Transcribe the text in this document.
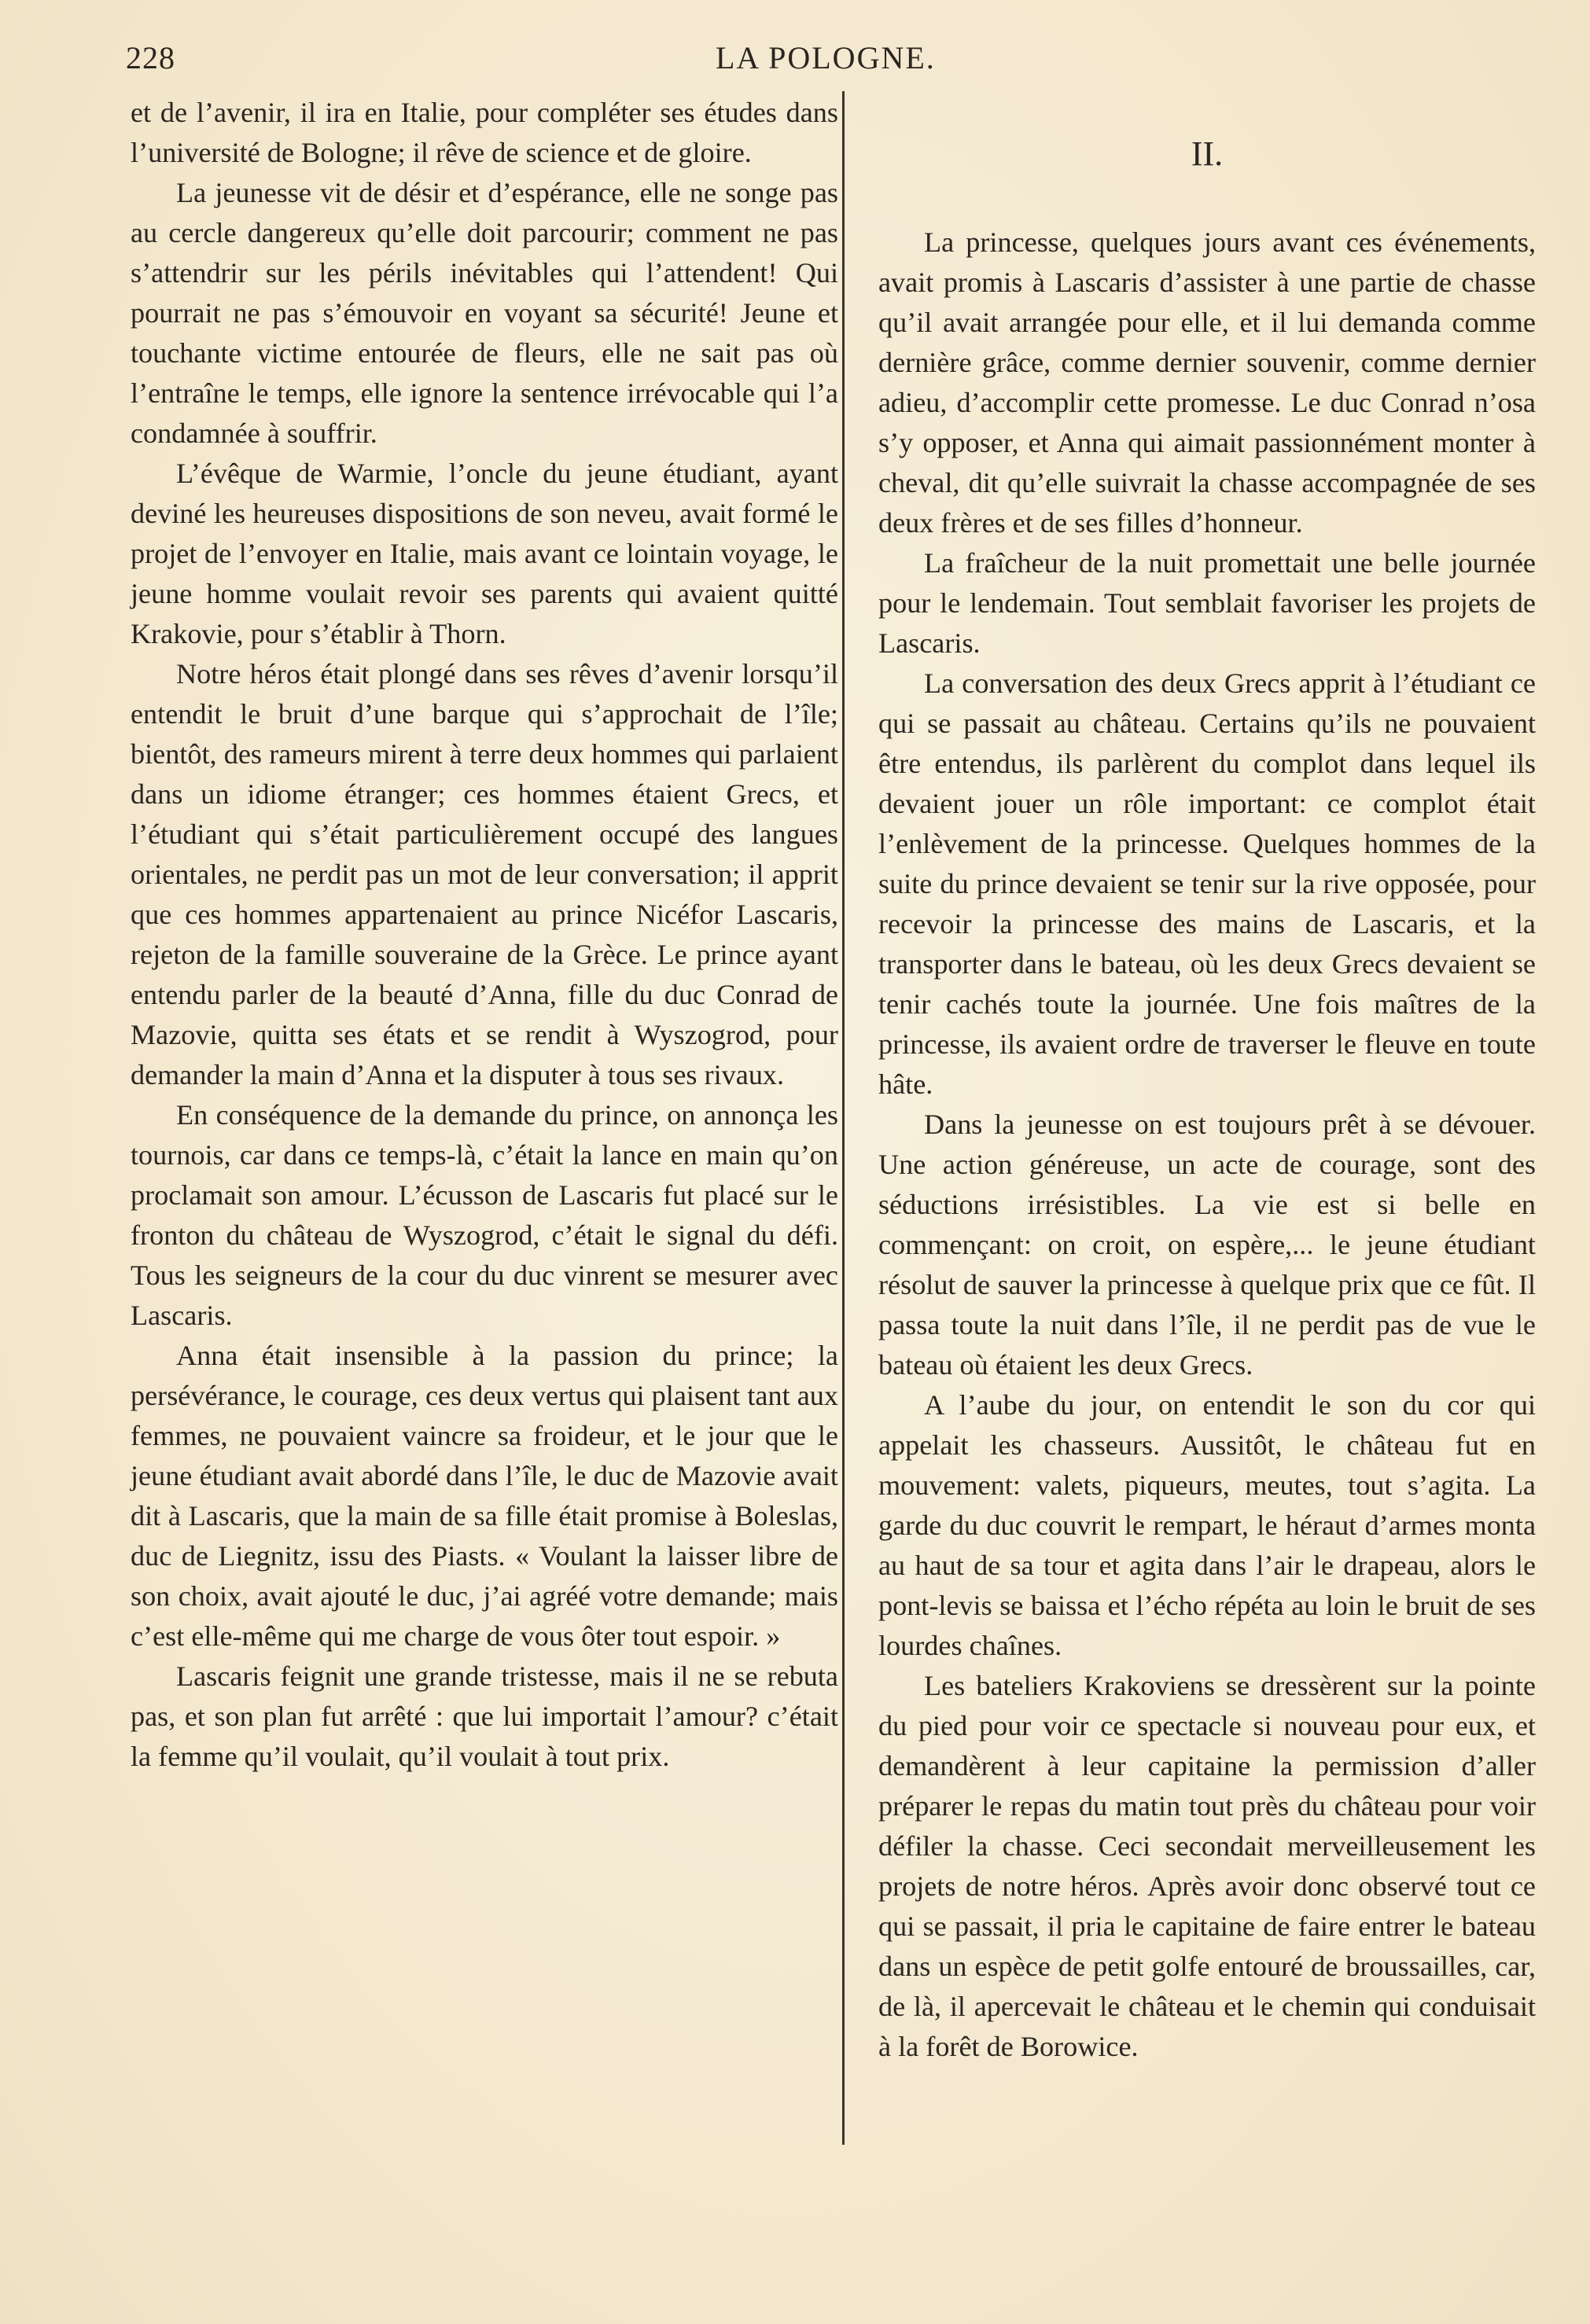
228	LA POLOGNE.

et de l’avenir, il ira en Italie, pour compléter ses études dans l’université de Bologne; il rêve de science et de gloire.

La jeunesse vit de désir et d’espérance, elle ne songe pas au cercle dangereux qu’elle doit parcourir; comment ne pas s’attendrir sur les périls inévitables qui l’attendent! Qui pourrait ne pas s’émouvoir en voyant sa sécurité! Jeune et touchante victime entourée de fleurs, elle ne sait pas où l’entraîne le temps, elle ignore la sentence irrévocable qui l’a condamnée à souffrir.

L’évêque de Warmie, l’oncle du jeune étudiant, ayant deviné les heureuses dispositions de son neveu, avait formé le projet de l’envoyer en Italie, mais avant ce lointain voyage, le jeune homme voulait revoir ses parents qui avaient quitté Krakovie, pour s’établir à Thorn.

Notre héros était plongé dans ses rêves d’avenir lorsqu’il entendit le bruit d’une barque qui s’approchait de l’île; bientôt, des rameurs mirent à terre deux hommes qui parlaient dans un idiome étranger; ces hommes étaient Grecs, et l’étudiant qui s’était particulièrement occupé des langues orientales, ne perdit pas un mot de leur conversation; il apprit que ces hommes appartenaient au prince Nicéfor Lascaris, rejeton de la famille souveraine de la Grèce. Le prince ayant entendu parler de la beauté d’Anna, fille du duc Conrad de Mazovie, quitta ses états et se rendit à Wyszogrod, pour demander la main d’Anna et la disputer à tous ses rivaux.

En conséquence de la demande du prince, on annonça les tournois, car dans ce temps-là, c’était la lance en main qu’on proclamait son amour. L’écusson de Lascaris fut placé sur le fronton du château de Wyszogrod, c’était le signal du défi. Tous les seigneurs de la cour du duc vinrent se mesurer avec Lascaris.

Anna était insensible à la passion du prince; la persévérance, le courage, ces deux vertus qui plaisent tant aux femmes, ne pouvaient vaincre sa froideur, et le jour que le jeune étudiant avait abordé dans l’île, le duc de Mazovie avait dit à Lascaris, que la main de sa fille était promise à Boleslas, duc de Liegnitz, issu des Piasts. « Voulant la laisser libre de son choix, avait ajouté le duc, j’ai agréé votre demande; mais c’est elle-même qui me charge de vous ôter tout espoir. »

Lascaris feignit une grande tristesse, mais il ne se rebuta pas, et son plan fut arrêté : que lui importait l’amour? c’était la femme qu’il voulait, qu’il voulait à tout prix.

II.

La princesse, quelques jours avant ces événements, avait promis à Lascaris d’assister à une partie de chasse qu’il avait arrangée pour elle, et il lui demanda comme dernière grâce, comme dernier souvenir, comme dernier adieu, d’accomplir cette promesse. Le duc Conrad n’osa s’y opposer, et Anna qui aimait passionnément monter à cheval, dit qu’elle suivrait la chasse accompagnée de ses deux frères et de ses filles d’honneur.

La fraîcheur de la nuit promettait une belle journée pour le lendemain. Tout semblait favoriser les projets de Lascaris.

La conversation des deux Grecs apprit à l’étudiant ce qui se passait au château. Certains qu’ils ne pouvaient être entendus, ils parlèrent du complot dans lequel ils devaient jouer un rôle important: ce complot était l’enlèvement de la princesse. Quelques hommes de la suite du prince devaient se tenir sur la rive opposée, pour recevoir la princesse des mains de Lascaris, et la transporter dans le bateau, où les deux Grecs devaient se tenir cachés toute la journée. Une fois maîtres de la princesse, ils avaient ordre de traverser le fleuve en toute hâte.

Dans la jeunesse on est toujours prêt à se dévouer. Une action généreuse, un acte de courage, sont des séductions irrésistibles. La vie est si belle en commençant: on croit, on espère,... le jeune étudiant résolut de sauver la princesse à quelque prix que ce fût. Il passa toute la nuit dans l’île, il ne perdit pas de vue le bateau où étaient les deux Grecs.

A l’aube du jour, on entendit le son du cor qui appelait les chasseurs. Aussitôt, le château fut en mouvement: valets, piqueurs, meutes, tout s’agita. La garde du duc couvrit le rempart, le héraut d’armes monta au haut de sa tour et agita dans l’air le drapeau, alors le pont-levis se baissa et l’écho répéta au loin le bruit de ses lourdes chaînes.

Les bateliers Krakoviens se dressèrent sur la pointe du pied pour voir ce spectacle si nouveau pour eux, et demandèrent à leur capitaine la permission d’aller préparer le repas du matin tout près du château pour voir défiler la chasse. Ceci secondait merveilleusement les projets de notre héros. Après avoir donc observé tout ce qui se passait, il pria le capitaine de faire entrer le bateau dans un espèce de petit golfe entouré de broussailles, car, de là, il apercevait le château et le chemin qui conduisait à la forêt de Borowice.
